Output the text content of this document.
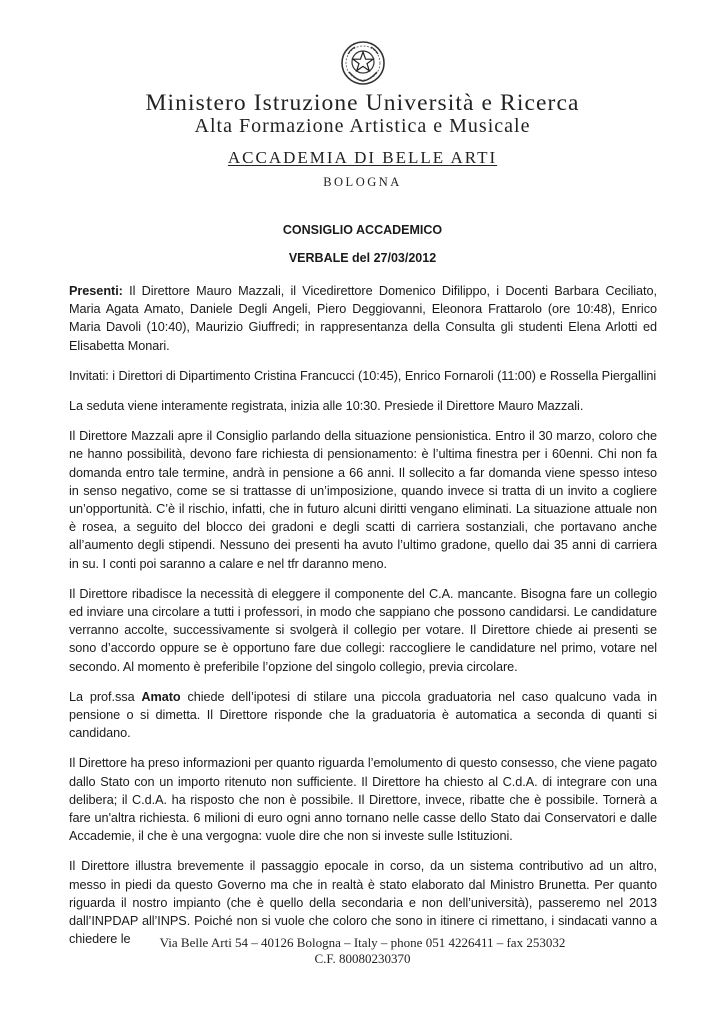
Ministero Istruzione Università e Ricerca
Alta Formazione Artistica e Musicale
ACCADEMIA DI BELLE ARTI
BOLOGNA
CONSIGLIO ACCADEMICO
VERBALE del 27/03/2012

Presenti: Il Direttore Mauro Mazzali, il Vicedirettore Domenico Difilippo, i Docenti Barbara Ceciliato, Maria Agata Amato, Daniele Degli Angeli, Piero Deggiovanni, Eleonora Frattarolo (ore 10:48), Enrico Maria Davoli (10:40), Maurizio Giuffredi; in rappresentanza della Consulta gli studenti Elena Arlotti ed Elisabetta Monari.

Invitati: i Direttori di Dipartimento Cristina Francucci (10:45), Enrico Fornaroli (11:00) e Rossella Piergallini

La seduta viene interamente registrata, inizia alle 10:30. Presiede il Direttore Mauro Mazzali.

Il Direttore Mazzali apre il Consiglio parlando della situazione pensionistica. Entro il 30 marzo, coloro che ne hanno possibilità, devono fare richiesta di pensionamento: è l’ultima finestra per i 60enni. Chi non fa domanda entro tale termine, andrà in pensione a 66 anni. Il sollecito a far domanda viene spesso inteso in senso negativo, come se si trattasse di un’imposizione, quando invece si tratta di un invito a cogliere un’opportunità. C’è il rischio, infatti, che in futuro alcuni diritti vengano eliminati. La situazione attuale non è rosea, a seguito del blocco dei gradoni e degli scatti di carriera sostanziali, che portavano anche all’aumento degli stipendi. Nessuno dei presenti ha avuto l’ultimo gradone, quello dai 35 anni di carriera in su. I conti poi saranno a calare e nel tfr daranno meno.

Il Direttore ribadisce la necessità di eleggere il componente del C.A. mancante. Bisogna fare un collegio ed inviare una circolare a tutti i professori, in modo che sappiano che possono candidarsi. Le candidature verranno accolte, successivamente si svolgerà il collegio per votare. Il Direttore chiede ai presenti se sono d’accordo oppure se è opportuno fare due collegi: raccogliere le candidature nel primo, votare nel secondo. Al momento è preferibile l’opzione del singolo collegio, previa circolare.

La prof.ssa Amato chiede dell’ipotesi di stilare una piccola graduatoria nel caso qualcuno vada in pensione o si dimetta. Il Direttore risponde che la graduatoria è automatica a seconda di quanti si candidano.

Il Direttore ha preso informazioni per quanto riguarda l’emolumento di questo consesso, che viene pagato dallo Stato con un importo ritenuto non sufficiente. Il Direttore ha chiesto al C.d.A. di integrare con una delibera; il C.d.A. ha risposto che non è possibile. Il Direttore, invece, ribatte che è possibile. Tornerà a fare un'altra richiesta. 6 milioni di euro ogni anno tornano nelle casse dello Stato dai Conservatori e dalle Accademie, il che è una vergogna: vuole dire che non si investe sulle Istituzioni.

Il Direttore illustra brevemente il passaggio epocale in corso, da un sistema contributivo ad un altro, messo in piedi da questo Governo ma che in realtà è stato elaborato dal Ministro Brunetta. Per quanto riguarda il nostro impianto (che è quello della secondaria e non dell’università), passeremo nel 2013 dall’INPDAP all’INPS. Poiché non si vuole che coloro che sono in itinere ci rimettano, i sindacati vanno a chiedere le	Via Belle Arti 54 – 40126 Bologna – Italy – phone 051 4226411 – fax 253032
C.F. 80080230370
